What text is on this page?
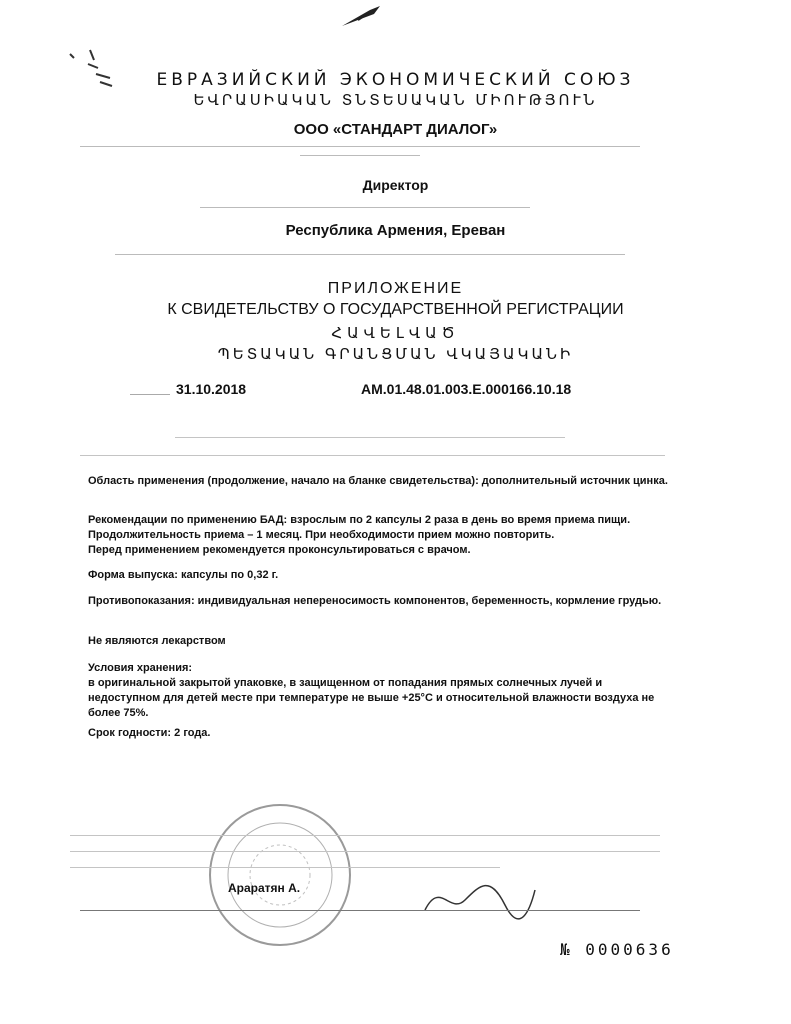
ЕВРАЗИЙСКИЙ ЭКОНОМИЧЕСКИЙ СОЮЗ
ԵՎՐԱՍԻԱԿԱՆ ՏՆՏԵՍԱԿԱՆ ՄԻՈՒԹՅՈՒՆ
ООО «СТАНДАРТ ДИАЛОГ»
Директор
Республика Армения, Ереван
ПРИЛОЖЕНИЕ
К СВИДЕТЕЛЬСТВУ О ГОСУДАРСТВЕННОЙ РЕГИСТРАЦИИ
ՀԱՎԵԼՎԱԾ
ՊԵՏԱԿԱՆ ԳՐԱՆՑՄԱՆ ՎԿԱՅԱԿԱՆԻ
31.10.2018	AM.01.48.01.003.E.000166.10.18
Область применения (продолжение, начало на бланке свидетельства): дополнительный источник цинка.
Рекомендации по применению БАД: взрослым по 2 капсулы 2 раза в день во время приема пищи.
Продолжительность приема – 1 месяц. При необходимости прием можно повторить.
Перед применением рекомендуется проконсультироваться с врачом.
Форма выпуска: капсулы по 0,32 г.
Противопоказания: индивидуальная непереносимость компонентов, беременность, кормление грудью.
Не являются лекарством
Условия хранения:
в оригинальной закрытой упаковке, в защищенном от попадания прямых солнечных лучей и недоступном для детей месте при температуре не выше +25°С и относительной влажности воздуха не более 75%.
Срок годности: 2 года.
Араратян А.
№ 0000636
